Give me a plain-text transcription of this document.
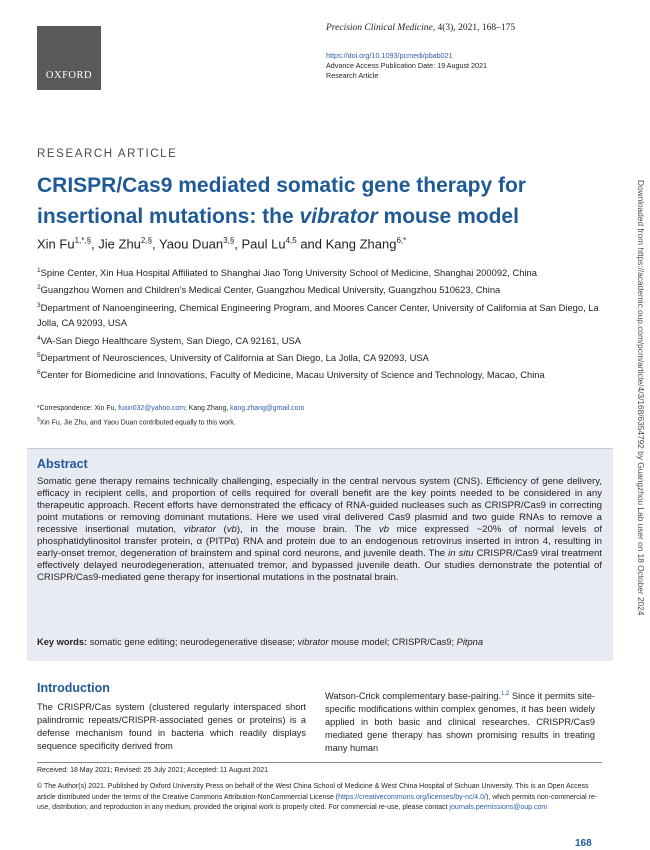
OXFORD
Precision Clinical Medicine, 4(3), 2021, 168–175
https://doi.org/10.1093/pcmedi/pbab021
Advance Access Publication Date: 19 August 2021
Research Article
RESEARCH ARTICLE
CRISPR/Cas9 mediated somatic gene therapy for insertional mutations: the vibrator mouse model
Xin $Fu^{1,*,\S}$, Jie Zhu$^{2,\S}$, Yaou Duan$^{3,\S}$, Paul Lu$^{4,5}$ and Kang Zhang$^{6,*}$
$^1$Spine Center, Xin Hua Hospital Affiliated to Shanghai Jiao Tong University School of Medicine, Shanghai 200092, China
$^2$Guangzhou Women and Children’s Medical Center, Guangzhou Medical University, Guangzhou 510623, China
$^3$Department of Nanoengineering, Chemical Engineering Program, and Moores Cancer Center, University of California at San Diego, La Jolla, CA 92093, USA
$^4$VA-San Diego Healthcare System, San Diego, CA 92161, USA
$^5$Department of Neurosciences, University of California at San Diego, La Jolla, CA 92093, USA
$^6$Center for Biomedicine and Innovations, Faculty of Medicine, Macau University of Science and Technology, Macao, China
*Correspondence: Xin Fu, fuxin032@yahoo.com; Kang Zhang, kang.zhang@gmail.com
§Xin Fu, Jie Zhu, and Yaou Duan contributed equally to this work.
Abstract
Somatic gene therapy remains technically challenging, especially in the central nervous system (CNS). Efficiency of gene delivery, efficacy in recipient cells, and proportion of cells required for overall benefit are the key points needed to be considered in any therapeutic approach. Recent efforts have demonstrated the efficacy of RNA-guided nucleases such as CRISPR/Cas9 in correcting point mutations or removing dominant mutations. Here we used viral delivered Cas9 plasmid and two guide RNAs to remove a recessive insertional mutation, vibrator (vb), in the mouse brain. The vb mice expressed ~20% of normal levels of phosphatidylinositol transfer protein, α (PITPα) RNA and protein due to an endogenous retrovirus inserted in intron 4, resulting in early-onset tremor, degeneration of brainstem and spinal cord neurons, and juvenile death. The in situ CRISPR/Cas9 viral treatment effectively delayed neurodegeneration, attenuated tremor, and bypassed juvenile death. Our studies demonstrate the potential of CRISPR/Cas9-mediated gene therapy for insertional mutations in the postnatal brain.
Key words: somatic gene editing; neurodegenerative disease; vibrator mouse model; CRISPR/Cas9; Pitpna
Introduction
The CRISPR/Cas system (clustered regularly interspaced short palindromic repeats/CRISPR-associated genes or proteins) is a defense mechanism found in bacteria which readily displays sequence specificity derived from
Watson-Crick complementary base-pairing.$^{1,2}$ Since it permits site-specific modifications within complex genomes, it has been widely applied in both basic and clinical researches. CRISPR/Cas9 mediated gene therapy has shown promising results in treating many human
Received: 18 May 2021; Revised: 25 July 2021; Accepted: 11 August 2021
© The Author(s) 2021. Published by Oxford University Press on behalf of the West China School of Medicine & West China Hospital of Sichuan University. This is an Open Access article distributed under the terms of the Creative Commons Attribution-NonCommercial License (https://creativecommons.org/licenses/by-nc/4.0/), which permits non-commercial re-use, distribution, and reproduction in any medium, provided the original work is properly cited. For commercial re-use, please contact journals.permissions@oup.com
168
Downloaded from https://academic.oup.com/pcm/article/4/3/168/6354792 by Guangzhou Lab user on 18 October 2024
